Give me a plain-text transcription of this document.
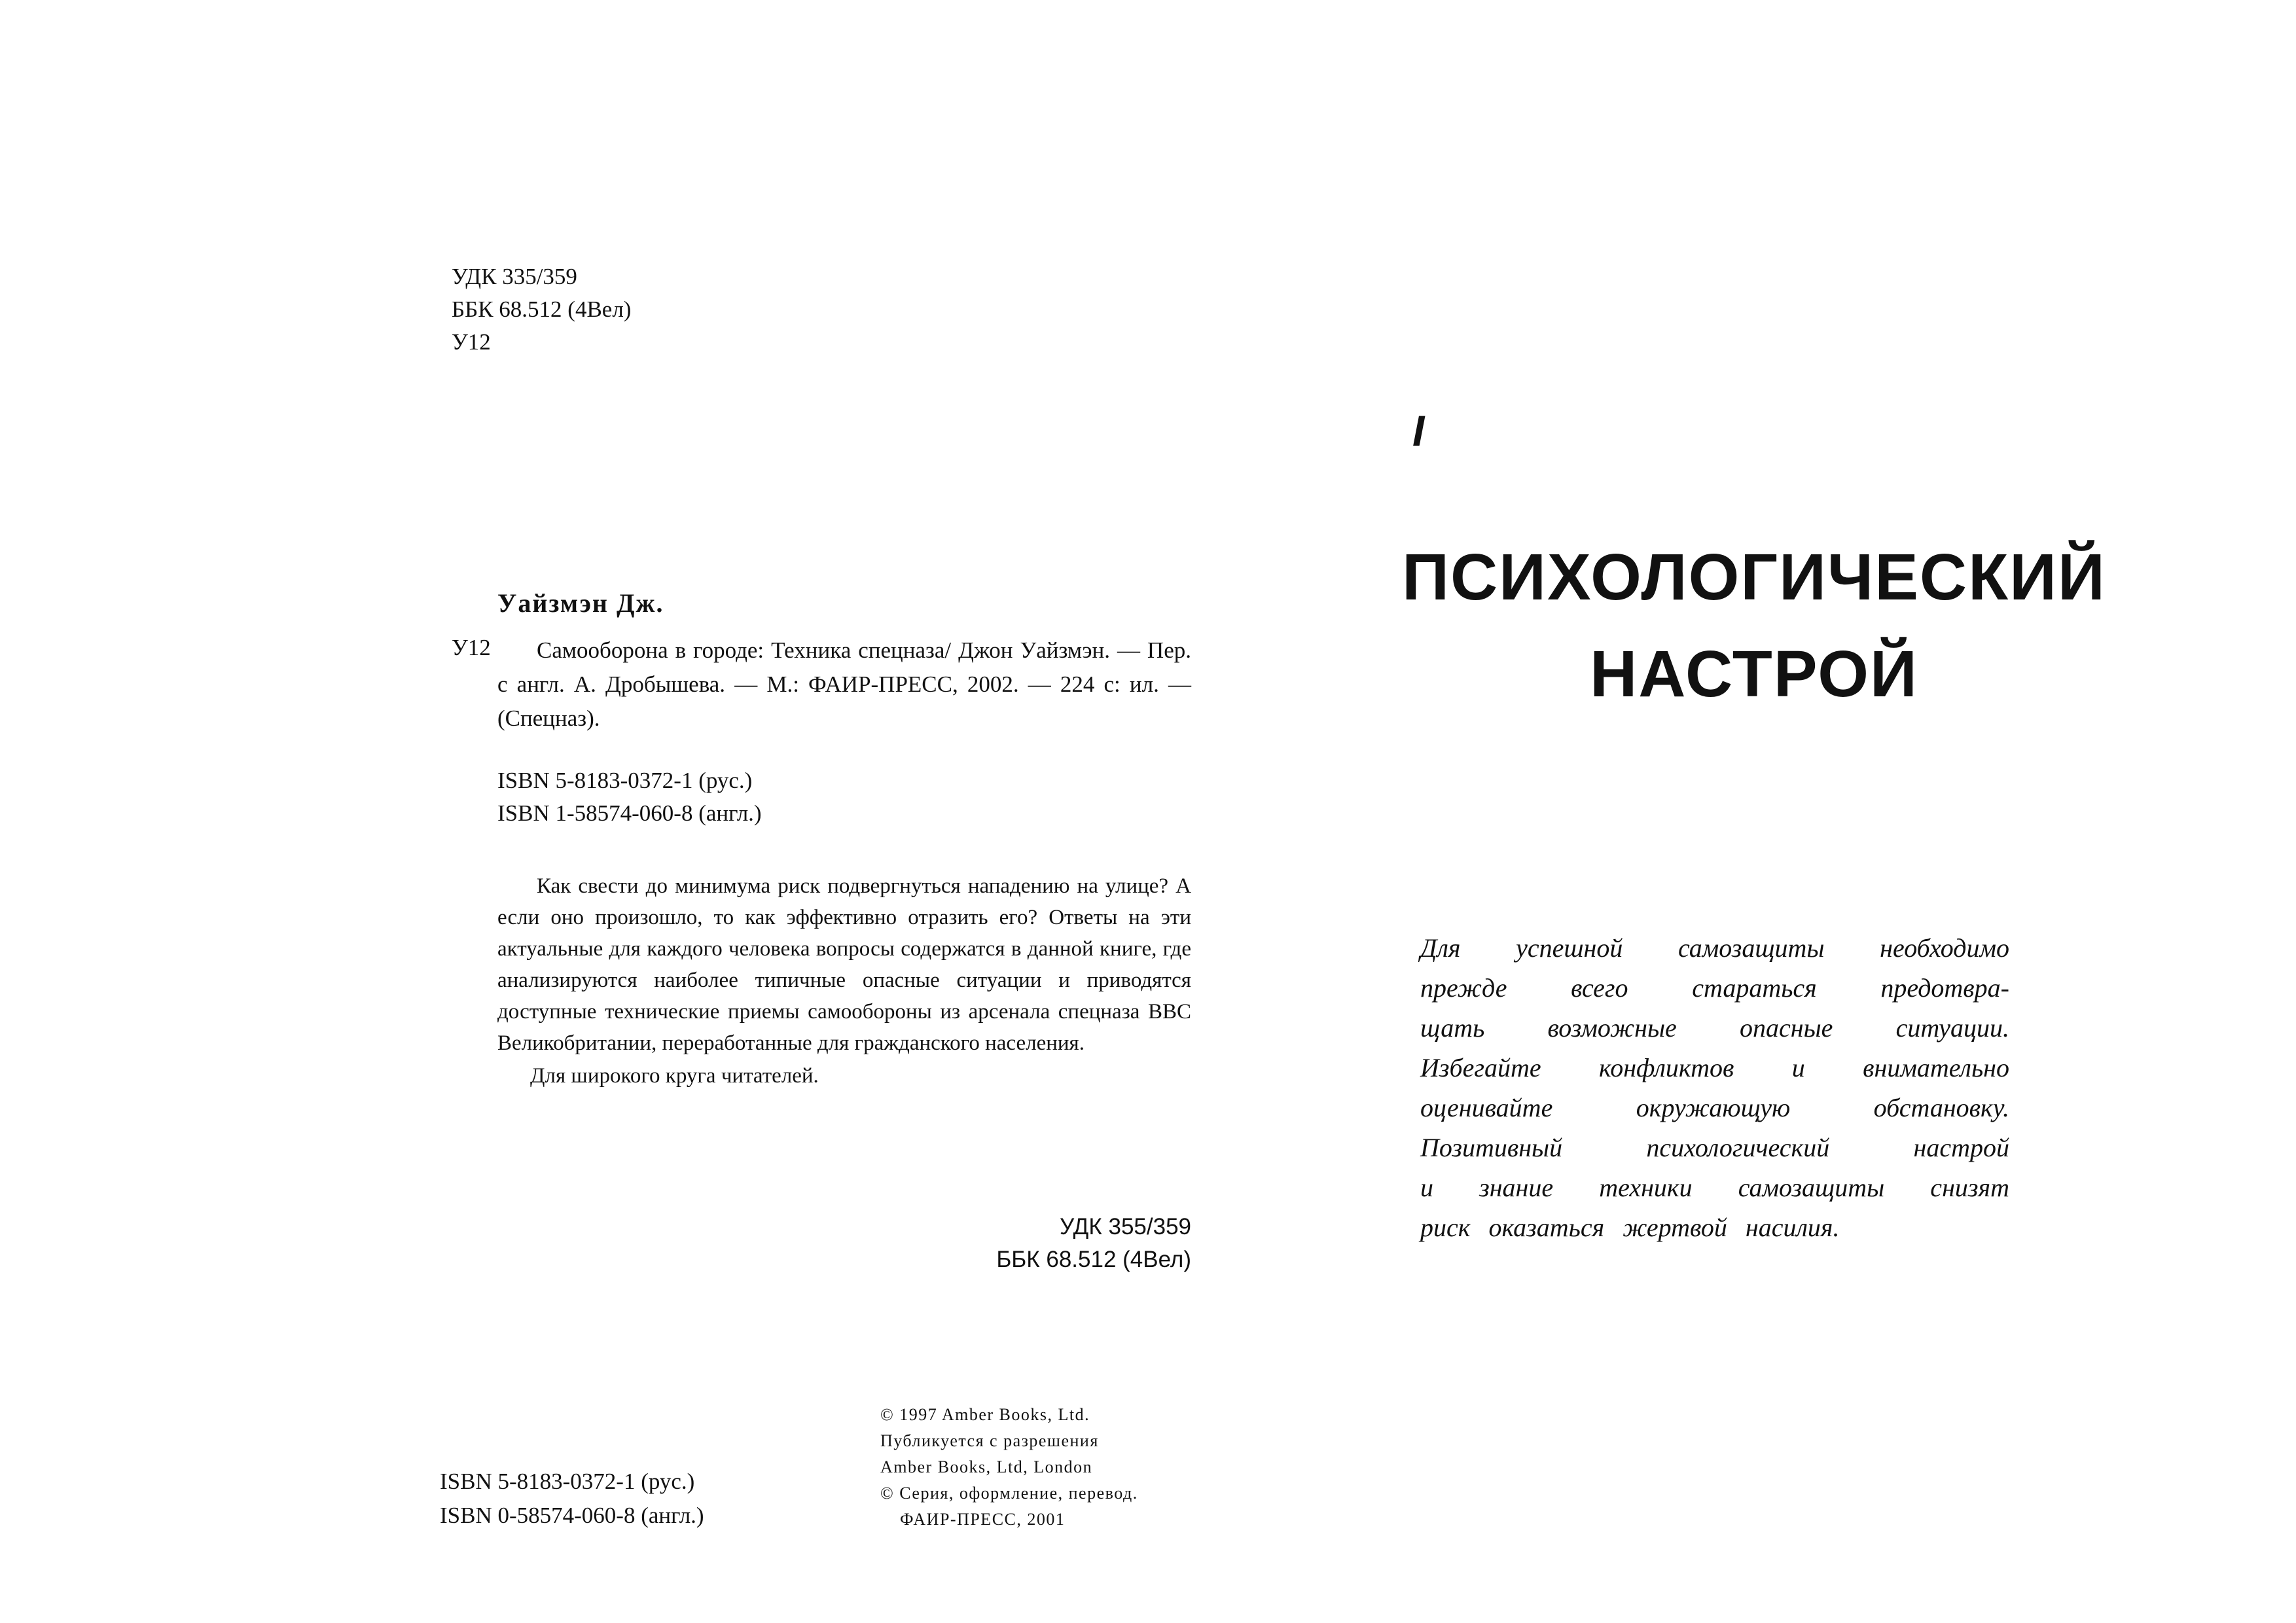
УДК 335/359
ББК 68.512 (4Вел)
У12
Уайзмэн Дж.
У12	Самооборона в городе: Техника спецназа/ Джон Уайзмэн. — Пер. с англ. А. Дробышева. — М.: ФАИР-ПРЕСС, 2002. — 224 с: ил. — (Спецназ).
ISBN 5-8183-0372-1 (рус.)
ISBN 1-58574-060-8 (англ.)

Как свести до минимума риск подвергнуться нападению на улице? А если оно произошло, то как эффективно отразить его? Ответы на эти актуальные для каждого человека вопросы содержатся в данной книге, где анализируются наиболее типичные опасные ситуации и приводятся доступные технические приемы самообороны из арсенала спецназа ВВС Великобритании, переработанные для гражданского населения.

Для широкого круга читателей.

УДК 355/359
ББК 68.512 (4Вел)
© 1997 Amber Books, Ltd.
Публикуется с разрешения
Amber Books, Ltd, London
© Серия, оформление, перевод.
ФАИР-ПРЕСС, 2001
ISBN 5-8183-0372-1 (рус.)
ISBN 0-58574-060-8 (англ.)
I
ПСИХОЛОГИЧЕСКИЙ
НАСТРОЙ
Для успешной самозащиты необходимо
прежде всего стараться предотвра-
щать возможные опасные ситуации.
Избегайте конфликтов и внимательно
оценивайте окружающую обстановку.
Позитивный психологический настрой
и знание техники самозащиты снизят
риск оказаться жертвой насилия.
